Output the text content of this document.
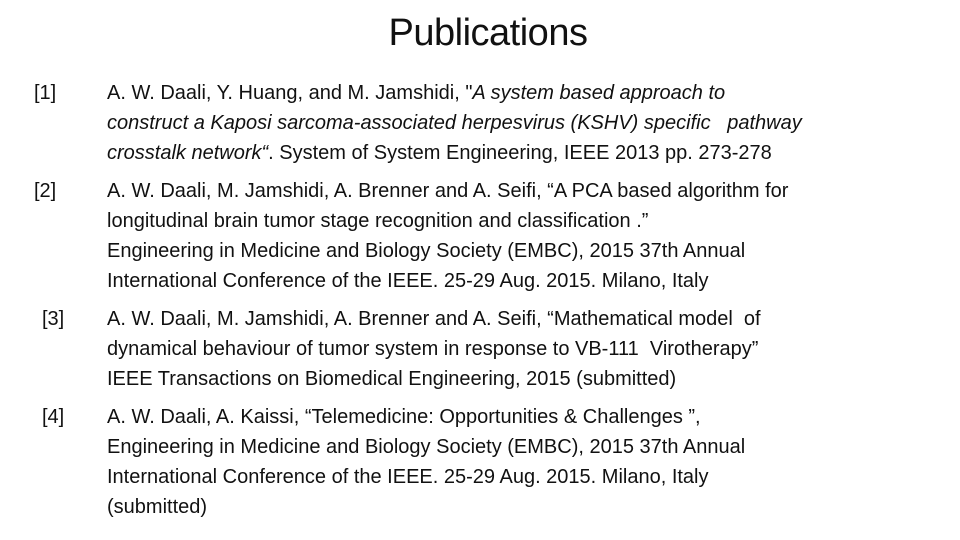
Publications
[1]	A. W. Daali, Y. Huang, and M. Jamshidi, "A system based approach to
construct a Kaposi sarcoma-associated herpesvirus (KSHV) specific   pathway
crosstalk network“. System of System Engineering, IEEE 2013 pp. 273-278
[2]	A. W. Daali, M. Jamshidi, A. Brenner and A. Seifi, “A PCA based algorithm for
longitudinal brain tumor stage recognition and classification .”
Engineering in Medicine and Biology Society (EMBC), 2015 37th Annual
International Conference of the IEEE. 25-29 Aug. 2015. Milano, Italy
[3] A. W. Daali, M. Jamshidi, A. Brenner and A. Seifi, “Mathematical model  of
dynamical behaviour of tumor system in response to VB-111  Virotherapy”
IEEE Transactions on Biomedical Engineering, 2015 (submitted)
[4] A. W. Daali, A. Kaissi, “Telemedicine: Opportunities & Challenges ”,
Engineering in Medicine and Biology Society (EMBC), 2015 37th Annual
International Conference of the IEEE. 25-29 Aug. 2015. Milano, Italy
(submitted)
